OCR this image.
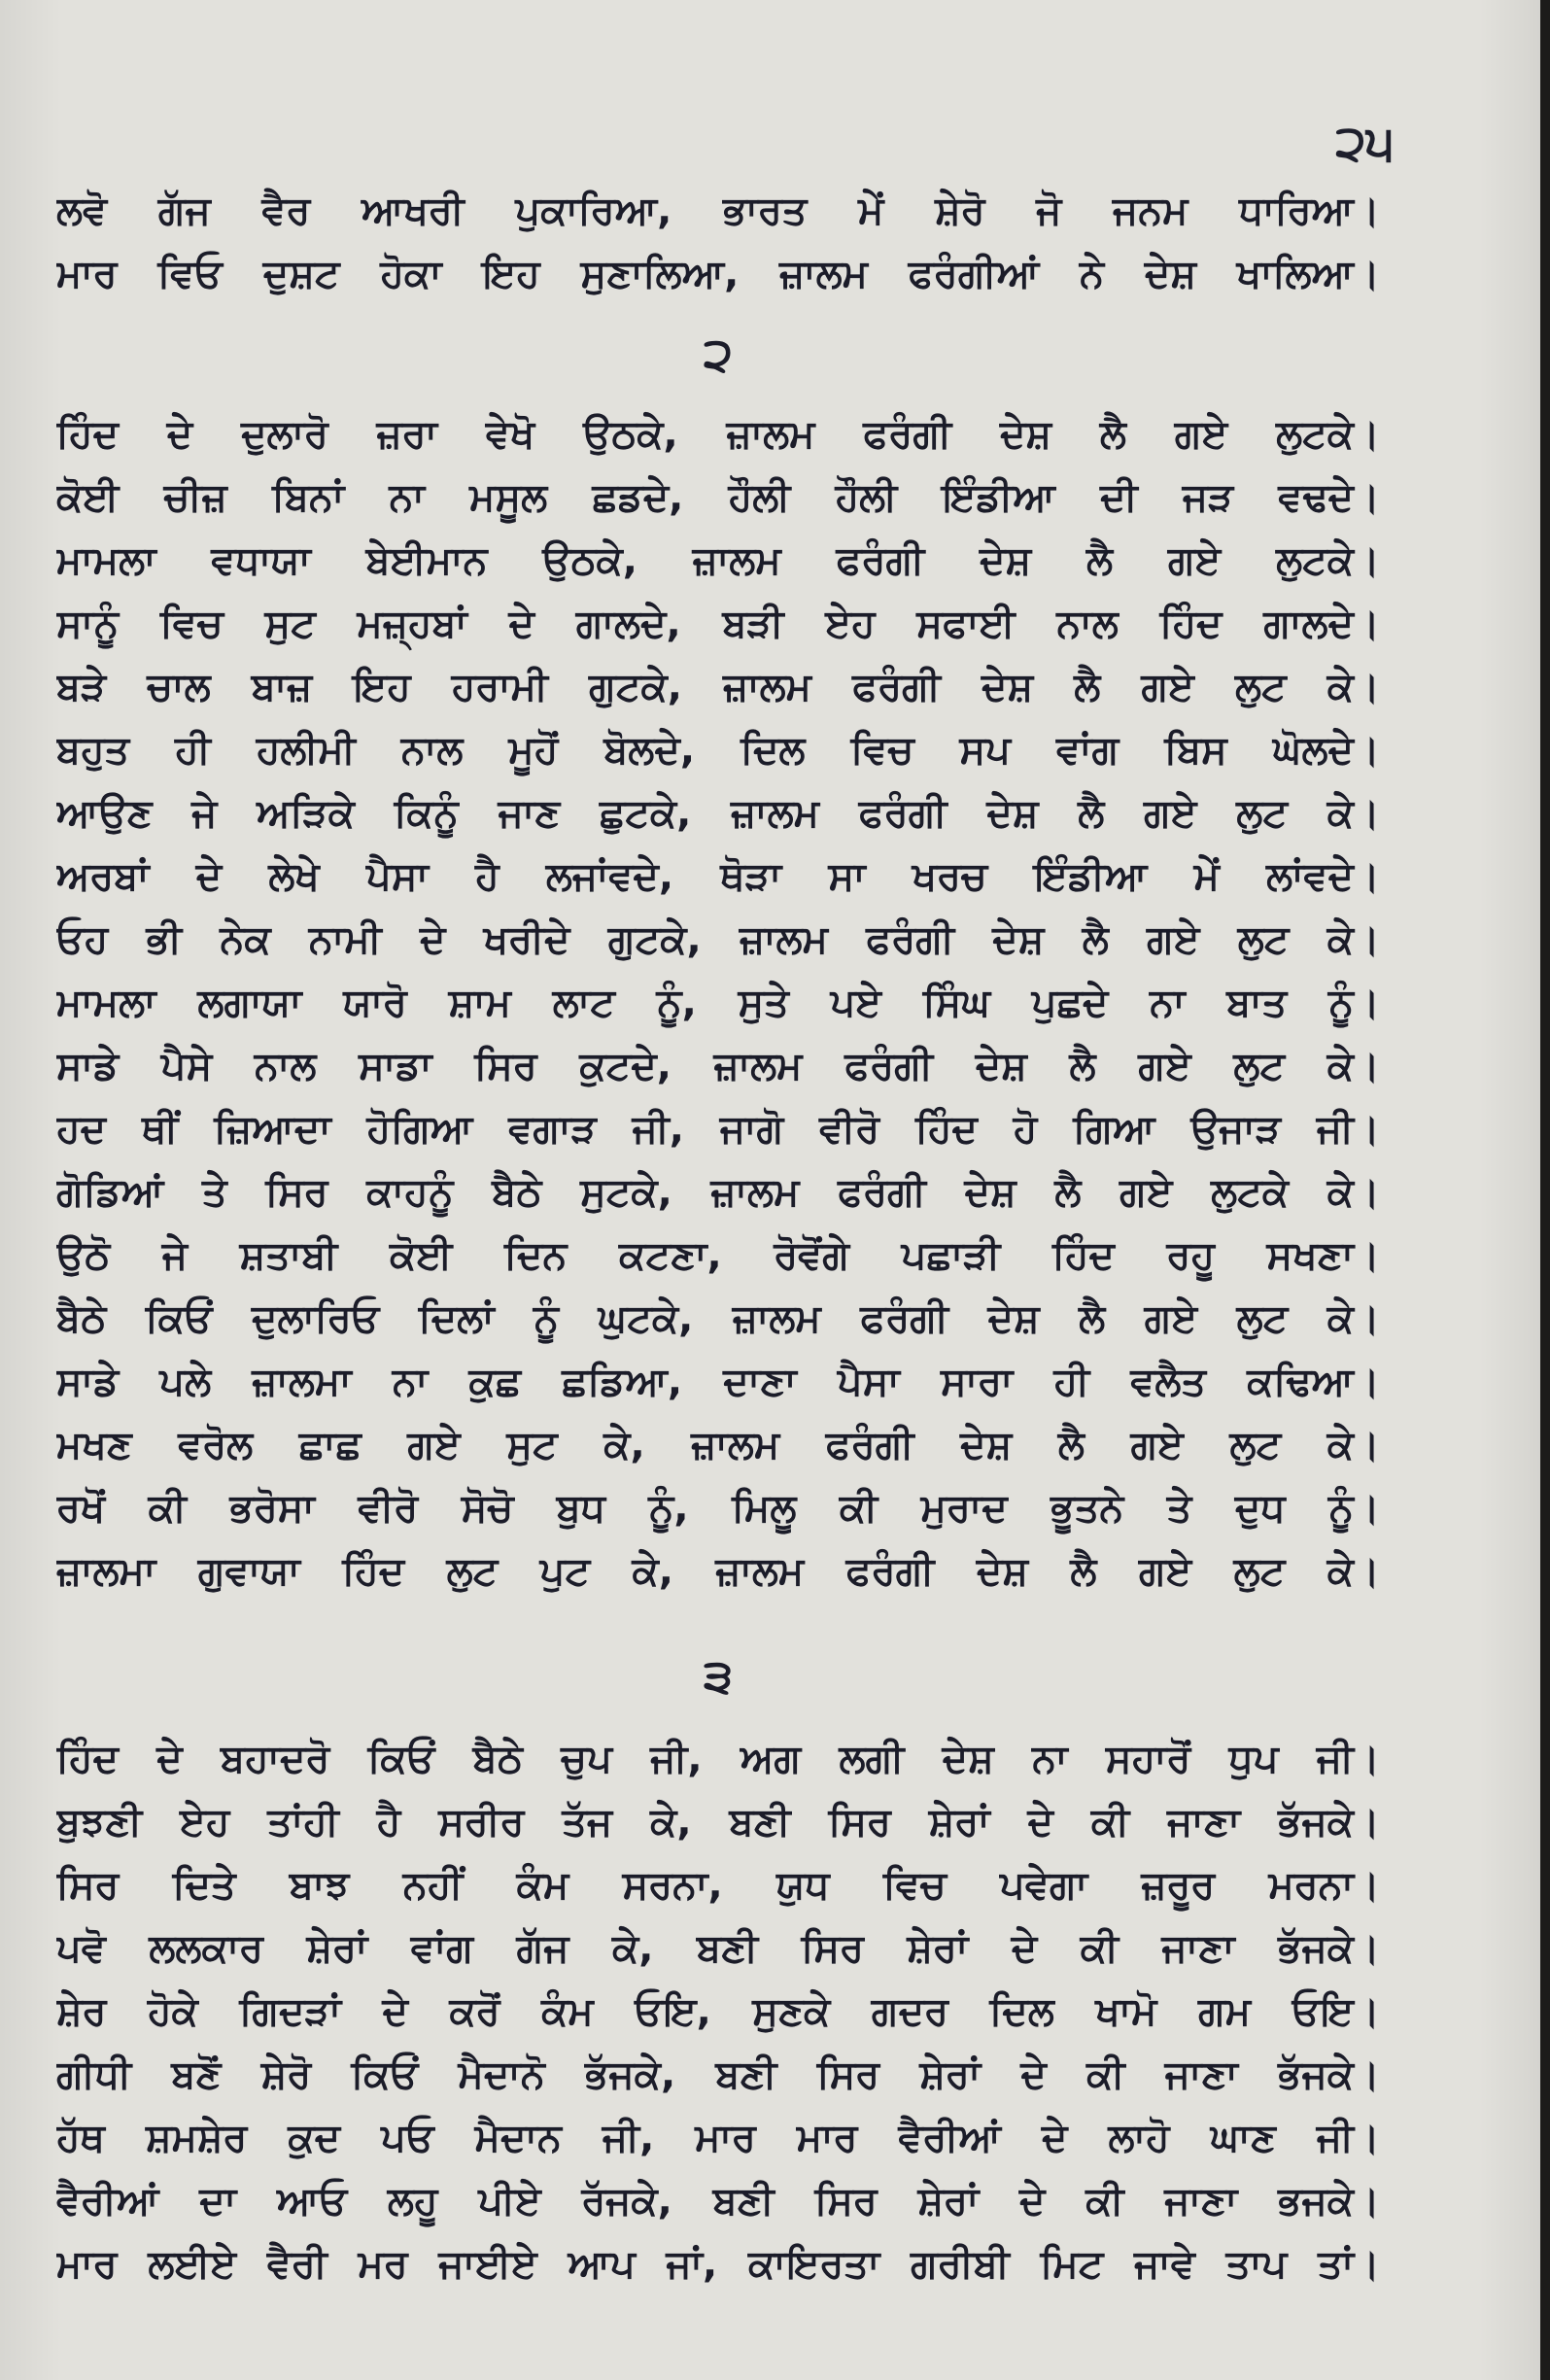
੨੫
ਲਵੋ ਗੱਜ ਵੈਰ ਆਖਰੀ ਪੁਕਾਰਿਆ, ਭਾਰਤ ਮੇਂ ਸ਼ੇਰੋ ਜੋ ਜਨਮ ਧਾਰਿਆ।
ਮਾਰ ਵਿਓ ਦੁਸ਼ਟ ਹੋਕਾ ਇਹ ਸੁਣਾਲਿਆ, ਜ਼ਾਲਮ ਫਰੰਗੀਆਂ ਨੇ ਦੇਸ਼ ਖਾਲਿਆ।
੨
ਹਿੰਦ ਦੇ ਦੁਲਾਰੋ ਜ਼ਰਾ ਵੇਖੋ ਉਠਕੇ, ਜ਼ਾਲਮ ਫਰੰਗੀ ਦੇਸ਼ ਲੈ ਗਏ ਲੁਟਕੇ।
ਕੋਈ ਚੀਜ਼ ਬਿਨਾਂ ਨਾ ਮਸੂਲ ਛਡਦੇ, ਹੌਲੀ ਹੌਲੀ ਇੰਡੀਆ ਦੀ ਜੜ ਵਢਦੇ।
ਮਾਮਲਾ ਵਧਾਯਾ ਬੇਈਮਾਨ ਉਠਕੇ, ਜ਼ਾਲਮ ਫਰੰਗੀ ਦੇਸ਼ ਲੈ ਗਏ ਲੁਟਕੇ।
ਸਾਨੂੰ ਵਿਚ ਸੁਟ ਮਜ਼੍ਹਬਾਂ ਦੇ ਗਾਲਦੇ, ਬੜੀ ਏਹ ਸਫਾਈ ਨਾਲ ਹਿੰਦ ਗਾਲਦੇ।
ਬੜੇ ਚਾਲ ਬਾਜ਼ ਇਹ ਹਰਾਮੀ ਗੁਟਕੇ, ਜ਼ਾਲਮ ਫਰੰਗੀ ਦੇਸ਼ ਲੈ ਗਏ ਲੁਟ ਕੇ।
ਬਹੁਤ ਹੀ ਹਲੀਮੀ ਨਾਲ ਮੂਹੋਂ ਬੋਲਦੇ, ਦਿਲ ਵਿਚ ਸਪ ਵਾਂਗ ਬਿਸ ਘੋਲਦੇ।
ਆਉਣ ਜੇ ਅੜਿਕੇ ਕਿਨੂੰ ਜਾਣ ਛੁਟਕੇ, ਜ਼ਾਲਮ ਫਰੰਗੀ ਦੇਸ਼ ਲੈ ਗਏ ਲੁਟ ਕੇ।
ਅਰਬਾਂ ਦੇ ਲੇਖੇ ਪੈਸਾ ਹੈ ਲਜਾਂਵਦੇ, ਥੋੜਾ ਸਾ ਖਰਚ ਇੰਡੀਆ ਮੇਂ ਲਾਂਵਦੇ।
ਓਹ ਭੀ ਨੇਕ ਨਾਮੀ ਦੇ ਖਰੀਦੇ ਗੁਟਕੇ, ਜ਼ਾਲਮ ਫਰੰਗੀ ਦੇਸ਼ ਲੈ ਗਏ ਲੁਟ ਕੇ।
ਮਾਮਲਾ ਲਗਾਯਾ ਯਾਰੋ ਸ਼ਾਮ ਲਾਟ ਨੂੰ, ਸੁਤੇ ਪਏ ਸਿੰਘ ਪੁਛਦੇ ਨਾ ਬਾਤ ਨੂੰ।
ਸਾਡੇ ਪੈਸੇ ਨਾਲ ਸਾਡਾ ਸਿਰ ਕੁਟਦੇ, ਜ਼ਾਲਮ ਫਰੰਗੀ ਦੇਸ਼ ਲੈ ਗਏ ਲੁਟ ਕੇ।
ਹਦ ਥੀਂ ਜ਼ਿਆਦਾ ਹੋਗਿਆ ਵਗਾੜ ਜੀ, ਜਾਗੋ ਵੀਰੋ ਹਿੰਦ ਹੋ ਗਿਆ ਉਜਾੜ ਜੀ।
ਗੋਡਿਆਂ ਤੇ ਸਿਰ ਕਾਹਨੂੰ ਬੈਠੇ ਸੁਟਕੇ, ਜ਼ਾਲਮ ਫਰੰਗੀ ਦੇਸ਼ ਲੈ ਗਏ ਲੁਟਕੇ ਕੇ।
ਉਠੋ ਜੇ ਸ਼ਤਾਬੀ ਕੋਈ ਦਿਨ ਕਟਣਾ, ਰੋਵੋਂਗੇ ਪਛਾੜੀ ਹਿੰਦ ਰਹੂ ਸਖਣਾ।
ਬੈਠੇ ਕਿਓਂ ਦੁਲਾਰਿਓ ਦਿਲਾਂ ਨੂੰ ਘੁਟਕੇ, ਜ਼ਾਲਮ ਫਰੰਗੀ ਦੇਸ਼ ਲੈ ਗਏ ਲੁਟ ਕੇ।
ਸਾਡੇ ਪਲੇ ਜ਼ਾਲਮਾ ਨਾ ਕੁਛ ਛਡਿਆ, ਦਾਣਾ ਪੈਸਾ ਸਾਰਾ ਹੀ ਵਲੈਤ ਕਢਿਆ।
ਮਖਣ ਵਰੋਲ ਛਾਛ ਗਏ ਸੁਟ ਕੇ, ਜ਼ਾਲਮ ਫਰੰਗੀ ਦੇਸ਼ ਲੈ ਗਏ ਲੁਟ ਕੇ।
ਰਖੋਂ ਕੀ ਭਰੋਸਾ ਵੀਰੋ ਸੋਚੋ ਬੁਧ ਨੂੰ, ਮਿਲੂ ਕੀ ਮੁਰਾਦ ਭੂਤਨੇ ਤੇ ਦੁਧ ਨੂੰ।
ਜ਼ਾਲਮਾ ਗੁਵਾਯਾ ਹਿੰਦ ਲੁਟ ਪੁਟ ਕੇ, ਜ਼ਾਲਮ ਫਰੰਗੀ ਦੇਸ਼ ਲੈ ਗਏ ਲੁਟ ਕੇ।
੩
ਹਿੰਦ ਦੇ ਬਹਾਦਰੋ ਕਿਓਂ ਬੈਠੇ ਚੁਪ ਜੀ, ਅਗ ਲਗੀ ਦੇਸ਼ ਨਾ ਸਹਾਰੋਂ ਧੁਪ ਜੀ।
ਬੁਝਣੀ ਏਹ ਤਾਂਹੀ ਹੈ ਸਰੀਰ ਤੱਜ ਕੇ, ਬਣੀ ਸਿਰ ਸ਼ੇਰਾਂ ਦੇ ਕੀ ਜਾਣਾ ਭੱਜਕੇ।
ਸਿਰ ਦਿਤੇ ਬਾਝ ਨਹੀਂ ਕੰਮ ਸਰਨਾ, ਯੁਧ ਵਿਚ ਪਵੇਗਾ ਜ਼ਰੂਰ ਮਰਨਾ।
ਪਵੋ ਲਲਕਾਰ ਸ਼ੇਰਾਂ ਵਾਂਗ ਗੱਜ ਕੇ, ਬਣੀ ਸਿਰ ਸ਼ੇਰਾਂ ਦੇ ਕੀ ਜਾਣਾ ਭੱਜਕੇ।
ਸ਼ੇਰ ਹੋਕੇ ਗਿਦੜਾਂ ਦੇ ਕਰੋਂ ਕੰਮ ਓਇ, ਸੁਣਕੇ ਗਦਰ ਦਿਲ ਖਾਮੋ ਗਮ ਓਇ।
ਗੀਧੀ ਬਣੋਂ ਸ਼ੇਰੋ ਕਿਓਂ ਮੈਦਾਨੋ ਭੱਜਕੇ, ਬਣੀ ਸਿਰ ਸ਼ੇਰਾਂ ਦੇ ਕੀ ਜਾਣਾ ਭੱਜਕੇ।
ਹੱਥ ਸ਼ਮਸ਼ੇਰ ਕੁਦ ਪਓ ਮੈਦਾਨ ਜੀ, ਮਾਰ ਮਾਰ ਵੈਰੀਆਂ ਦੇ ਲਾਹੋ ਘਾਣ ਜੀ।
ਵੈਰੀਆਂ ਦਾ ਆਓ ਲਹੂ ਪੀਏ ਰੱਜਕੇ, ਬਣੀ ਸਿਰ ਸ਼ੇਰਾਂ ਦੇ ਕੀ ਜਾਣਾ ਭਜਕੇ।
ਮਾਰ ਲਈਏ ਵੈਰੀ ਮਰ ਜਾਈਏ ਆਪ ਜਾਂ, ਕਾਇਰਤਾ ਗਰੀਬੀ ਮਿਟ ਜਾਵੇ ਤਾਪ ਤਾਂ।
